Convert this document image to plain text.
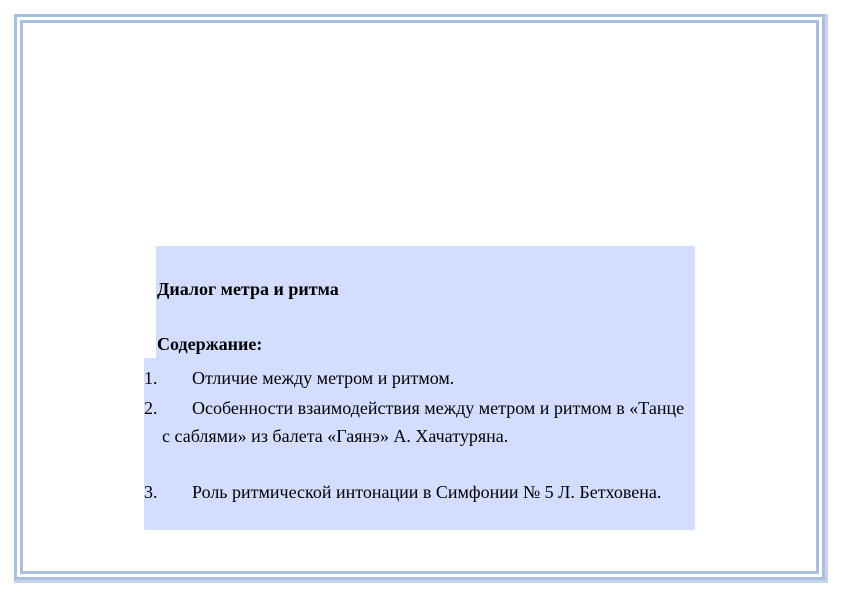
Диалог метра и ритма
Содержание:
1.	Отличие между метром и ритмом.
2.	Особенности взаимодействия между метром и ритмом в «Танце с саблями» из балета «Гаянэ» А. Хачатуряна.
3.	Роль ритмической интонации в Симфонии № 5 Л. Бетховена.
